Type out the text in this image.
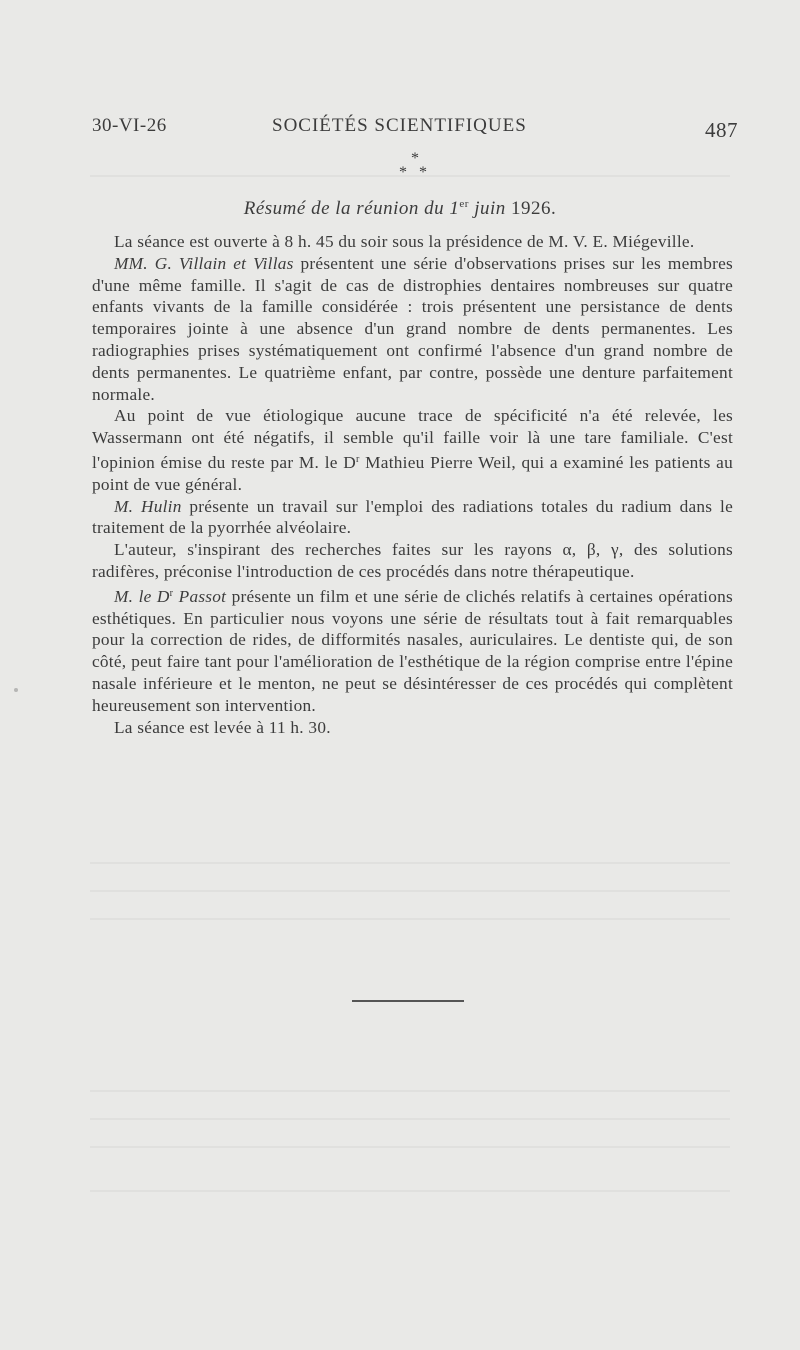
30-VI-26	SOCIÉTÉS SCIENTIFIQUES	487
*
* *
Résumé de la réunion du 1er juin 1926.

La séance est ouverte à 8 h. 45 du soir sous la présidence de M. V. E. Miégeville.

MM. G. Villain et Villas présentent une série d'observations prises sur les membres d'une même famille. Il s'agit de cas de distrophies dentaires nombreuses sur quatre enfants vivants de la famille considérée : trois présentent une persistance de dents temporaires jointe à une absence d'un grand nombre de dents permanentes. Les radiographies prises systématiquement ont confirmé l'absence d'un grand nombre de dents permanentes. Le quatrième enfant, par contre, possède une denture parfaitement normale.

Au point de vue étiologique aucune trace de spécificité n'a été relevée, les Wassermann ont été négatifs, il semble qu'il faille voir là une tare familiale. C'est l'opinion émise du reste par M. le $D^r$ Mathieu Pierre Weil, qui a examiné les patients au point de vue général.

M. Hulin présente un travail sur l'emploi des radiations totales du radium dans le traitement de la pyorrhée alvéolaire.

L'auteur, s'inspirant des recherches faites sur les rayons α, β, γ, des solutions radifères, préconise l'introduction de ces procédés dans notre thérapeutique.

M. le $D^r$ Passot présente un film et une série de clichés relatifs à certaines opérations esthétiques. En particulier nous voyons une série de résultats tout à fait remarquables pour la correction de rides, de difformités nasales, auriculaires. Le dentiste qui, de son côté, peut faire tant pour l'amélioration de l'esthétique de la région comprise entre l'épine nasale inférieure et le menton, ne peut se désintéresser de ces procédés qui complètent heureusement son intervention.

La séance est levée à 11 h. 30.
